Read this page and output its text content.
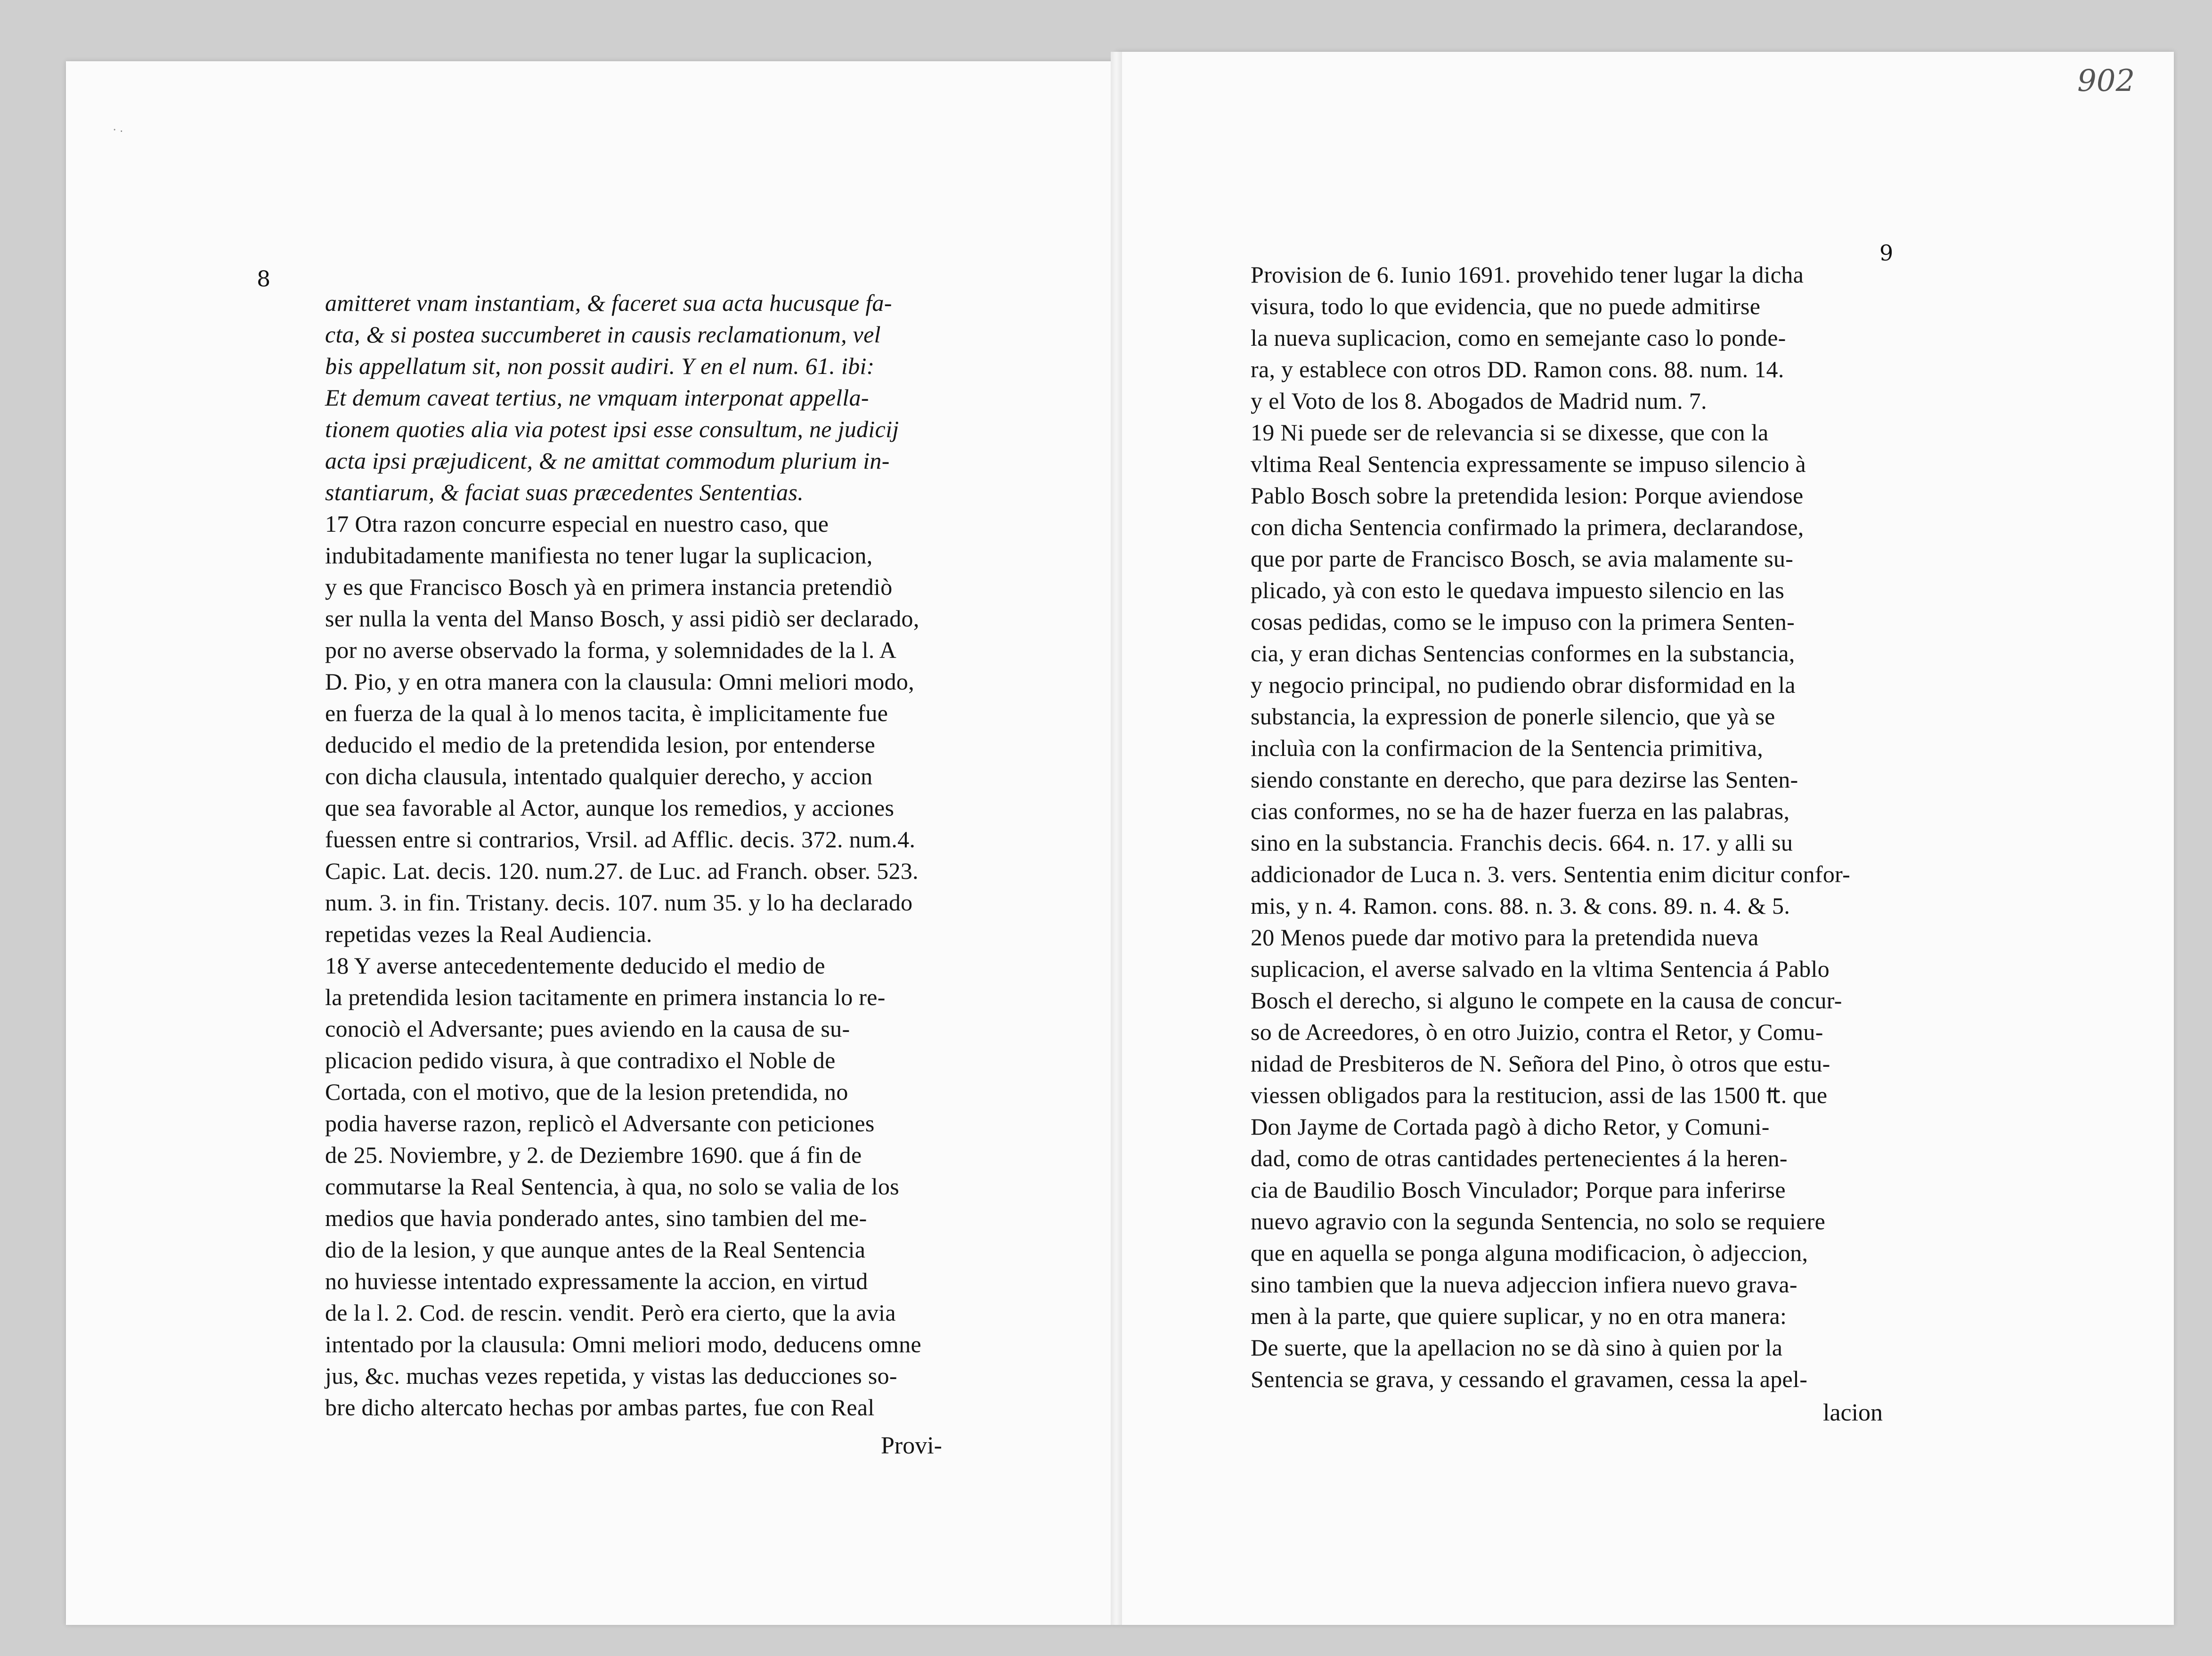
⸳ .
902
8
amitteret vnam instantiam, & faceret sua acta hucusque fa-
cta, & si postea succumberet in causis reclamationum, vel
bis appellatum sit, non possit audiri. Y en el num. 61. ibi:
Et demum caveat tertius, ne vmquam interponat appella-
tionem quoties alia via potest ipsi esse consultum, ne judicij
acta ipsi præjudicent, & ne amittat commodum plurium in-
stantiarum, & faciat suas præcedentes Sententias.
17 Otra razon concurre especial en nuestro caso, que
indubitadamente manifiesta no tener lugar la suplicacion,
y es que Francisco Bosch yà en primera instancia pretendiò
ser nulla la venta del Manso Bosch, y assi pidiò ser declarado,
por no averse observado la forma, y solemnidades de la l. A
D. Pio, y en otra manera con la clausula: Omni meliori modo,
en fuerza de la qual à lo menos tacita, è implicitamente fue
deducido el medio de la pretendida lesion, por entenderse
con dicha clausula, intentado qualquier derecho, y accion
que sea favorable al Actor, aunque los remedios, y acciones
fuessen entre si contrarios, Vrsil. ad Afflic. decis. 372. num.4.
Capic. Lat. decis. 120. num.27. de Luc. ad Franch. obser. 523.
num. 3. in fin. Tristany. decis. 107. num 35. y lo ha declarado
repetidas vezes la Real Audiencia.
18 Y averse antecedentemente deducido el medio de
la pretendida lesion tacitamente en primera instancia lo re-
conociò el Adversante; pues aviendo en la causa de su-
plicacion pedido visura, à que contradixo el Noble de
Cortada, con el motivo, que de la lesion pretendida, no
podia haverse razon, replicò el Adversante con peticiones
de 25. Noviembre, y 2. de Deziembre 1690. que á fin de
commutarse la Real Sentencia, à qua, no solo se valia de los
medios que havia ponderado antes, sino tambien del me-
dio de la lesion, y que aunque antes de la Real Sentencia
no huviesse intentado expressamente la accion, en virtud
de la l. 2. Cod. de rescin. vendit. Però era cierto, que la avia
intentado por la clausula: Omni meliori modo, deducens omne
jus, &c. muchas vezes repetida, y vistas las deducciones so-
bre dicho altercato hechas por ambas partes, fue con Real
Provi-
9
Provision de 6. Iunio 1691. provehido tener lugar la dicha
visura, todo lo que evidencia, que no puede admitirse
la nueva suplicacion, como en semejante caso lo ponde-
ra, y establece con otros DD. Ramon cons. 88. num. 14.
y el Voto de los 8. Abogados de Madrid num. 7.
19 Ni puede ser de relevancia si se dixesse, que con la
vltima Real Sentencia expressamente se impuso silencio à
Pablo Bosch sobre la pretendida lesion: Porque aviendose
con dicha Sentencia confirmado la primera, declarandose,
que por parte de Francisco Bosch, se avia malamente su-
plicado, yà con esto le quedava impuesto silencio en las
cosas pedidas, como se le impuso con la primera Senten-
cia, y eran dichas Sentencias conformes en la substancia,
y negocio principal, no pudiendo obrar disformidad en la
substancia, la expression de ponerle silencio, que yà se
incluìa con la confirmacion de la Sentencia primitiva,
siendo constante en derecho, que para dezirse las Senten-
cias conformes, no se ha de hazer fuerza en las palabras,
sino en la substancia. Franchis decis. 664. n. 17. y alli su
addicionador de Luca n. 3. vers. Sententia enim dicitur confor-
mis, y n. 4. Ramon. cons. 88. n. 3. & cons. 89. n. 4. & 5.
20 Menos puede dar motivo para la pretendida nueva
suplicacion, el averse salvado en la vltima Sentencia á Pablo
Bosch el derecho, si alguno le compete en la causa de concur-
so de Acreedores, ò en otro Juizio, contra el Retor, y Comu-
nidad de Presbiteros de N. Señora del Pino, ò otros que estu-
viessen obligados para la restitucion, assi de las 1500 ₶. que
Don Jayme de Cortada pagò à dicho Retor, y Comuni-
dad, como de otras cantidades pertenecientes á la heren-
cia de Baudilio Bosch Vinculador; Porque para inferirse
nuevo agravio con la segunda Sentencia, no solo se requiere
que en aquella se ponga alguna modificacion, ò adjeccion,
sino tambien que la nueva adjeccion infiera nuevo grava-
men à la parte, que quiere suplicar, y no en otra manera:
De suerte, que la apellacion no se dà sino à quien por la
Sentencia se grava, y cessando el gravamen, cessa la apel-
lacion
